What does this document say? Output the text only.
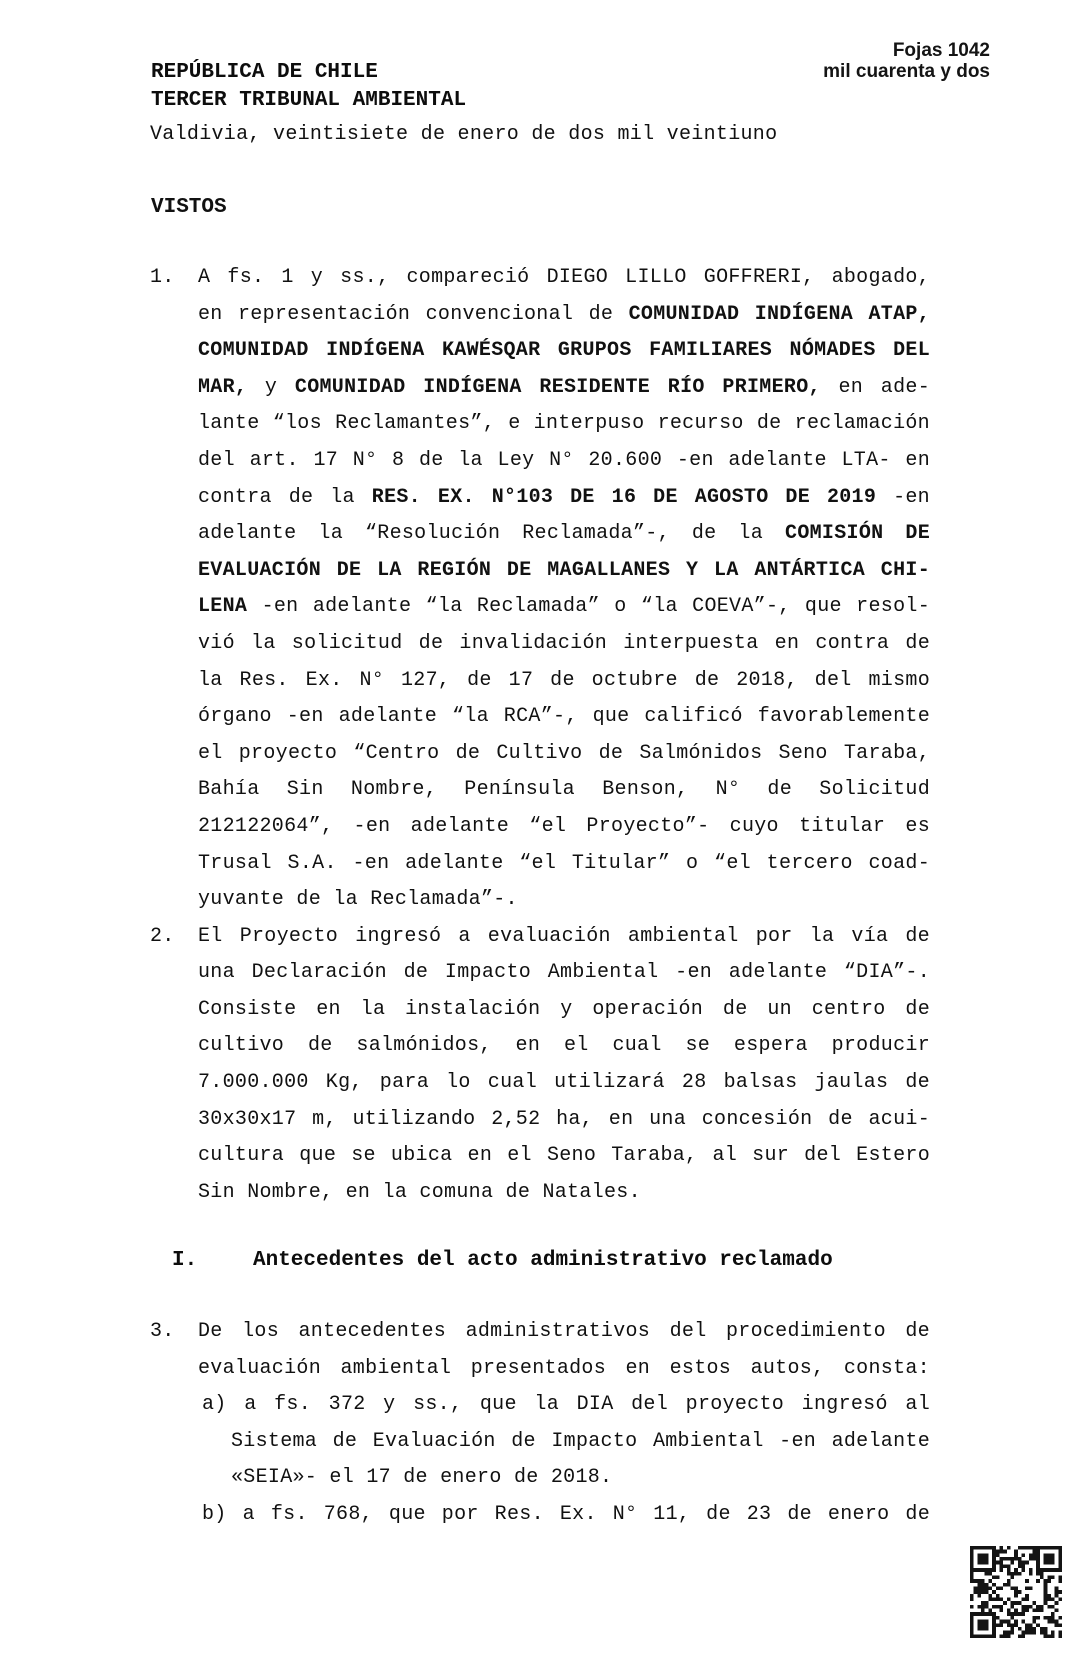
Fojas 1042
mil cuarenta y dos
REPÚBLICA DE CHILE
TERCER TRIBUNAL AMBIENTAL
Valdivia, veintisiete de enero de dos mil veintiuno
VISTOS
1.	A fs. 1 y ss., compareció DIEGO LILLO GOFFRERI, abogado,
en representación convencional de COMUNIDAD INDÍGENA ATAP,
COMUNIDAD INDÍGENA KAWÉSQAR GRUPOS FAMILIARES NÓMADES DEL
MAR, y COMUNIDAD INDÍGENA RESIDENTE RÍO PRIMERO, en ade-
lante “los Reclamantes”, e interpuso recurso de reclamación
del art. 17 N° 8 de la Ley N° 20.600 -en adelante LTA- en
contra de la RES. EX. N°103 DE 16 DE AGOSTO DE 2019 -en
adelante la “Resolución Reclamada”-, de la COMISIÓN DE
EVALUACIÓN DE LA REGIÓN DE MAGALLANES Y LA ANTÁRTICA CHI-
LENA -en adelante “la Reclamada” o “la COEVA”-, que resol-
vió la solicitud de invalidación interpuesta en contra de
la Res. Ex. N° 127, de 17 de octubre de 2018, del mismo
órgano -en adelante “la RCA”-, que calificó favorablemente
el proyecto “Centro de Cultivo de Salmónidos Seno Taraba,
Bahía Sin Nombre, Península Benson, N° de Solicitud
212122064”, -en adelante “el Proyecto”- cuyo titular es
Trusal S.A. -en adelante “el Titular” o “el tercero coad-
yuvante de la Reclamada”-.
2.	El Proyecto ingresó a evaluación ambiental por la vía de
una Declaración de Impacto Ambiental -en adelante “DIA”-.
Consiste en la instalación y operación de un centro de
cultivo de salmónidos, en el cual se espera producir
7.000.000 Kg, para lo cual utilizará 28 balsas jaulas de
30x30x17 m, utilizando 2,52 ha, en una concesión de acui-
cultura que se ubica en el Seno Taraba, al sur del Estero
Sin Nombre, en la comuna de Natales.
I.	Antecedentes del acto administrativo reclamado
3.	De los antecedentes administrativos del procedimiento de
evaluación ambiental presentados en estos autos, consta:
a) a fs. 372 y ss., que la DIA del proyecto ingresó al
Sistema de Evaluación de Impacto Ambiental -en adelante
«SEIA»- el 17 de enero de 2018.
b) a fs. 768, que por Res. Ex. N° 11, de 23 de enero de
